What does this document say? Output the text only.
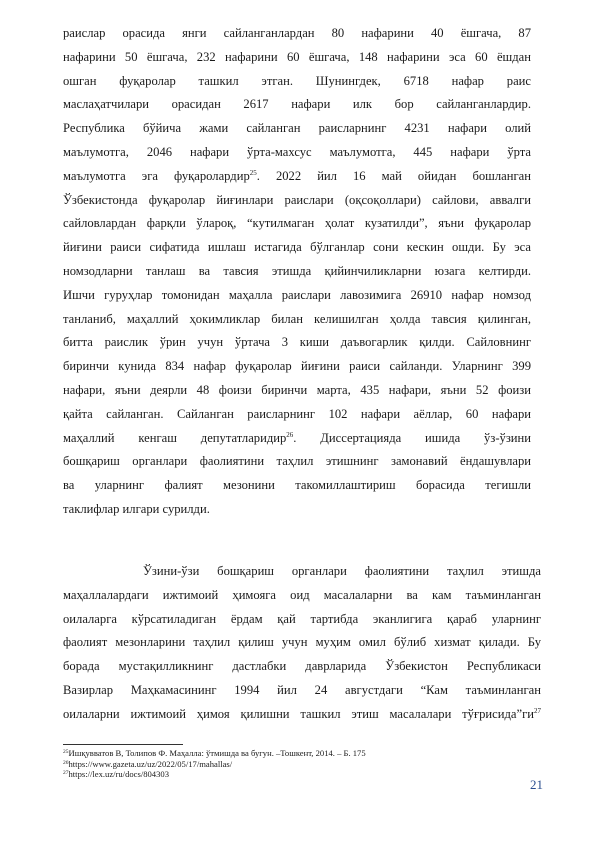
раислар орасида янги сайланганлардан 80 нафарини 40 ёшгача, 87
нафарини 50 ёшгача, 232 нафарини 60 ёшгача, 148 нафарини эса 60 ёшдан
ошган фуқаролар ташкил этган. Шунингдек, 6718 нафар раис
маслаҳатчилари орасидан 2617 нафари илк бор сайланганлардир.
Республика бўйича жами сайланган раисларнинг 4231 нафари олий
маълумотга, 2046 нафари ўрта-махсус маълумотга, 445 нафари ўрта
маълумотга эга фуқаролардир$^{25}$. 2022 йил 16 май ойидан бошланган
Ўзбекистонда фуқаролар йиғинлари раислари (оқсоқоллари) сайлови, аввалги
сайловлардан фарқли ўлароқ, “кутилмаган ҳолат кузатилди”, яъни фуқаролар
йиғини раиси сифатида ишлаш истагида бўлганлар сони кескин ошди. Бу эса
номзодларни танлаш ва тавсия этишда қийинчиликларни юзага келтирди.
Ишчи гуруҳлар томонидан маҳалла раислари лавозимига 26910 нафар номзод
танланиб, маҳаллий ҳокимликлар билан келишилган ҳолда тавсия қилинган,
битта раислик ўрин учун ўртача 3 киши даъвогарлик қилди. Сайловнинг
биринчи кунида 834 нафар фуқаролар йиғини раиси сайланди. Уларнинг 399
нафари, яъни деярли 48 фоизи биринчи марта, 435 нафари, яъни 52 фоизи
қайта сайланган. Сайланган раисларнинг 102 нафари аёллар, 60 нафари
маҳаллий кенгаш депутатларидир$^{26}$. Диссертацияда ишида ўз-ўзини
бошқариш органлари фаолиятини таҳлил этишнинг замонавий ёндашувлари
ва уларнинг фалият мезонини такомиллаштириш борасида тегишли
таклифлар илгари сурилди.
Ўзини-ўзи бошқариш органлари фаолиятини таҳлил этишда
маҳаллалардаги ижтимоий ҳимояга оид масалаларни ва кам таъминланган
оилаларга кўрсатиладиган ёрдам қай тартибда эканлигига қараб уларнинг
фаолият мезонларини таҳлил қилиш учун муҳим омил бўлиб хизмат қилади. Бу
борада мустақилликнинг дастлабки даврларида Ўзбекистон Республикаси
Вазирлар Маҳкамасининг 1994 йил 24 августдаги “Кам таъминланган
оилаларни ижтимоий ҳимоя қилишни ташкил этиш масалалари $тўғрисида”ги^{27}$
$^{25}$Ишқувватов В, Толипов Ф. Маҳалла: ўтмишда ва бугун. –Тошкент, 2014. – Б. 175
$^{26}$https://www.gazeta.uz/uz/2022/05/17/mahallas/
$^{27}$https://lex.uz/ru/docs/804303
21
